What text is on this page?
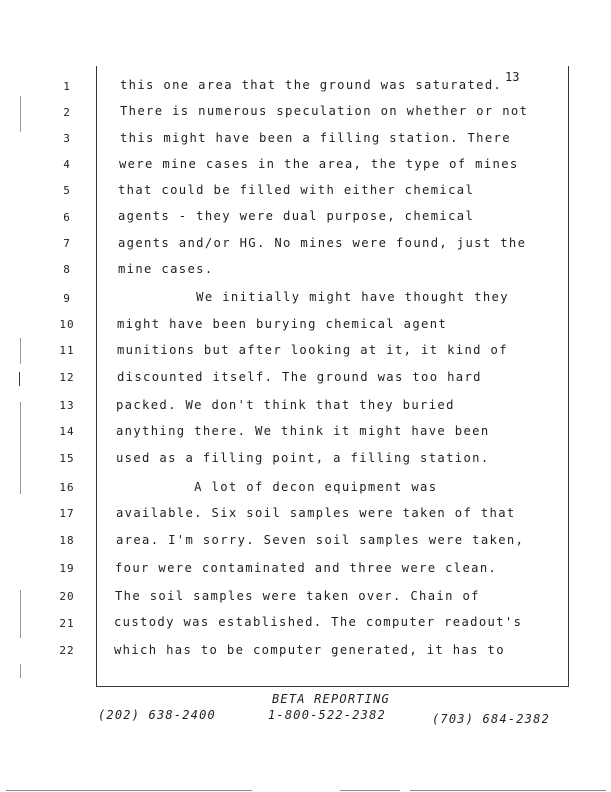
13
1
2
3
4
5
6
7
8
9
10
11
12
13
14
15
16
17
18
19
20
21
22
this one area that the ground was saturated.
There is numerous speculation on whether or not
this might have been a filling station. There
were mine cases in the area, the type of mines
that could be filled with either chemical
agents - they were dual purpose, chemical
agents and/or HG. No mines were found, just the
mine cases.
We initially might have thought they
might have been burying chemical agent
munitions but after looking at it, it kind of
discounted itself. The ground was too hard
packed. We don't think that they buried
anything there. We think it might have been
used as a filling point, a filling station.
A lot of decon equipment was
available. Six soil samples were taken of that
area. I'm sorry. Seven soil samples were taken,
four were contaminated and three were clean.
The soil samples were taken over. Chain of
custody was established. The computer readout's
which has to be computer generated, it has to
BETA REPORTING
(202) 638-2400	1-800-522-2382	(703) 684-2382
